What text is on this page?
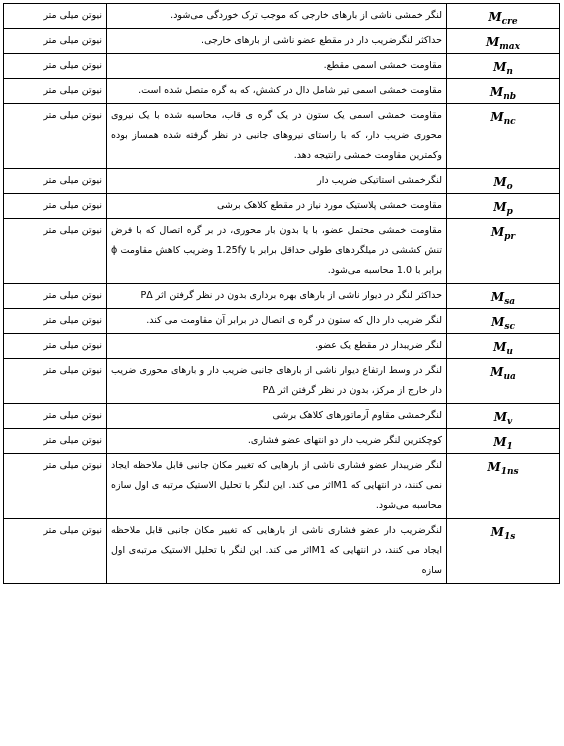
نیوتن میلی متر	لنگر خمشی ناشی از بارهای خارجی که موجب ترک خوردگی می‌شود.	$M_{cre}$
نیوتن میلی متر	حداکثر لنگرضریب دار در مقطع عضو ناشی از بارهای خارجی.	$M_{max}$
نیوتن میلی متر	مقاومت خمشی اسمی مقطع.	$M_n$
نیوتن میلی متر	مقاومت خمشی اسمی تیر شامل دال در کشش، که به گره متصل شده است.	$M_{nb}$
نیوتن میلی متر	مقاومت خمشی اسمی یک ستون در یک گره ی قاب، محاسبه شده با یک نیروی محوری ضریب دار، که با راستای نیروهای جانبی در نظر گرفته شده همساز بوده وکمترین مقاومت خمشی رانتیجه دهد.	$M_{nc}$
نیوتن میلی متر	لنگرخمشی استاتیکی ضریب دار	$M_o$
نیوتن میلی متر	مقاومت خمشی پلاستیک مورد نیاز در مقطع کلاهک برشی	$M_p$
نیوتن میلی متر	مقاومت خمشی محتمل عضو، با یا بدون بار محوری، در بر گره اتصال که با فرض تنش کششی در میلگردهای طولی حداقل برابر با 1.25fy وضریب کاهش مقاومت ϕ برابر با 1.0 محاسبه می‌شود.	$M_{pr}$
نیوتن میلی متر	حداکثر لنگر در دیوار ناشی از بارهای بهره برداری بدون در نظر گرفتن اثر PΔ	$M_{sa}$
نیوتن میلی متر	لنگر ضریب دار دال که ستون در گره ی اتصال در برابر آن مقاومت می کند.	$M_{sc}$
نیوتن میلی متر	لنگر ضریبدار در مقطع یک عضو.	$M_u$
نیوتن میلی متر	لنگر در وسط ارتفاع دیوار ناشی از بارهای جانبی ضریب دار و بارهای محوری ضریب دار خارج از مرکز، بدون در نظر گرفتن اثر PΔ	$M_{ua}$
نیوتن میلی متر	لنگرخمشی مقاوم آرماتورهای کلاهک برشی	$M_v$
نیوتن میلی متر	کوچکترین لنگر ضریب دار دو انتهای عضو فشاری.	$M_1$
نیوتن میلی متر	لنگر ضریبدار عضو فشاری ناشی از بارهایی که تغییر مکان جانبی قابل ملاحظه ایجاد نمی کنند، در انتهایی که M1اثر می کند. این لنگر با تحلیل الاستیک مرتبه ی اول سازه محاسبه می‌شود.	$M_{1ns}$
نیوتن میلی متر	لنگرضریب دار عضو فشاری ناشی از بارهایی که تغییر مکان جانبی قابل ملاحظه ایجاد می کنند، در انتهایی که M1اثر می کند. این لنگر با تحلیل الاستیک مرتبه‌ی اول سازه	$M_{1s}$
